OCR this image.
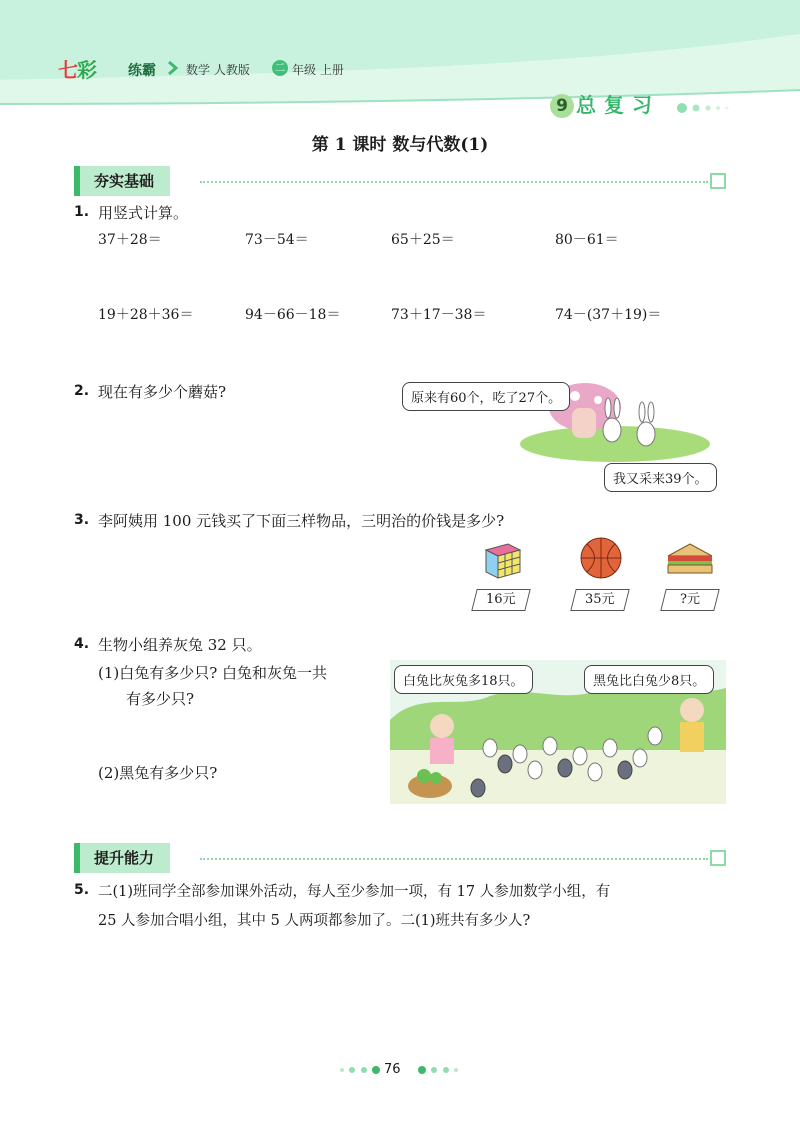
七彩 练霸	数学 人教版 二 年级 上册
9 总复习
第 1 课时 数与代数(1)
夯实基础
1. 用竖式计算。
37＋28＝	73－54＝	65＋25＝	80－61＝
19＋28＋36＝	94－66－18＝	73＋17－38＝	74－(37＋19)＝
2. 现在有多少个蘑菇?	原来有60个，吃了27个。
我又采来39个。
3. 李阿姨用 100 元钱买了下面三样物品，三明治的价钱是多少?
16元	35元	?元
4. 生物小组养灰兔 32 只。
(1)白兔有多少只? 白兔和灰兔一共
有多少只?
(2)黑兔有多少只?
白兔比灰兔多18只。	黑兔比白兔少8只。
提升能力
5. 二(1)班同学全部参加课外活动，每人至少参加一项，有 17 人参加数学小组，有
25 人参加合唱小组，其中 5 人两项都参加了。二(1)班共有多少人?
76
